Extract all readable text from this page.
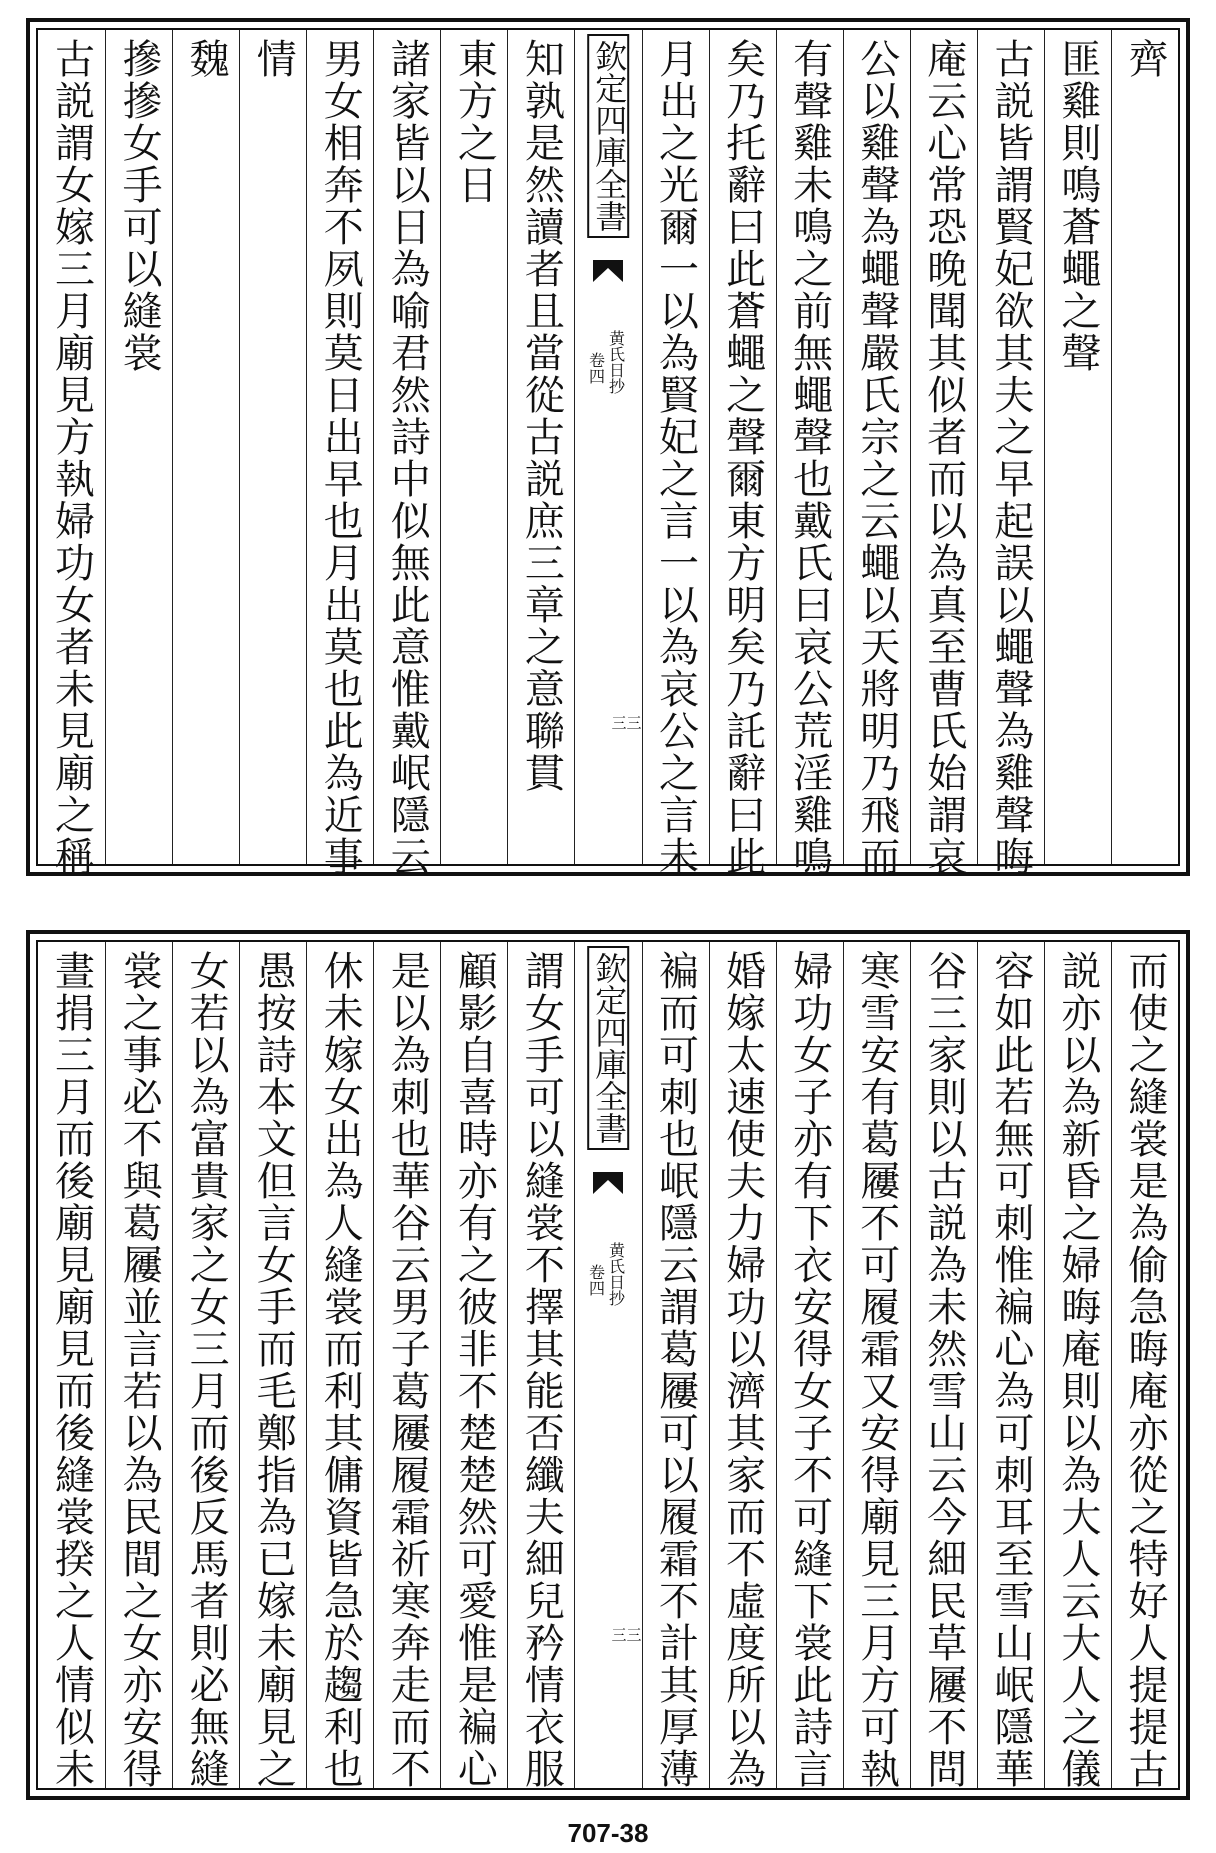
齊
匪雞則鳴蒼蠅之聲
古説皆謂賢妃欲其夫之早起誤以蠅聲為雞聲晦
庵云心常恐晚聞其似者而以為真至曹氏始謂哀
公以雞聲為蠅聲嚴氏宗之云蠅以天將明乃飛而
有聲雞未鳴之前無蠅聲也戴氏曰哀公荒淫雞鳴
矣乃托辭曰此蒼蠅之聲爾東方明矣乃託辭曰此
月出之光爾一以為賢妃之言一以為哀公之言未
欽定四庫全書
黄氏日抄
卷四
三三
知孰是然讀者且當從古説庶三章之意聯貫
東方之日
諸家皆以日為喻君然詩中似無此意惟戴岷隱云
男女相奔不夙則莫日出早也月出莫也此為近事
情
魏
摻摻女手可以縫裳
古説謂女嫁三月廟見方執婦功女者未見廟之稱
而使之縫裳是為偷急晦庵亦從之特好人提提古
説亦以為新昏之婦晦庵則以為大人云大人之儀
容如此若無可刺惟褊心為可刺耳至雪山岷隱華
谷三家則以古説為未然雪山云今細民草屨不問
寒雪安有葛屨不可履霜又安得廟見三月方可執
婦功女子亦有下衣安得女子不可縫下裳此詩言
婚嫁太速使夫力婦功以濟其家而不虛度所以為
褊而可刺也岷隱云謂葛屨可以履霜不計其厚薄
欽定四庫全書
黄氏日抄
卷四
三三
謂女手可以縫裳不擇其能否纖夫細兒矜情衣服
顧影自喜時亦有之彼非不楚楚然可愛惟是褊心
是以為刺也華谷云男子葛屨履霜祈寒奔走而不
休未嫁女出為人縫裳而利其傭資皆急於趨利也
愚按詩本文但言女手而毛鄭指為已嫁未廟見之
女若以為富貴家之女三月而後反馬者則必無縫
裳之事必不與葛屨並言若以為民間之女亦安得
晝捐三月而後廟見廟見而後縫裳揆之人情似未
707-38
